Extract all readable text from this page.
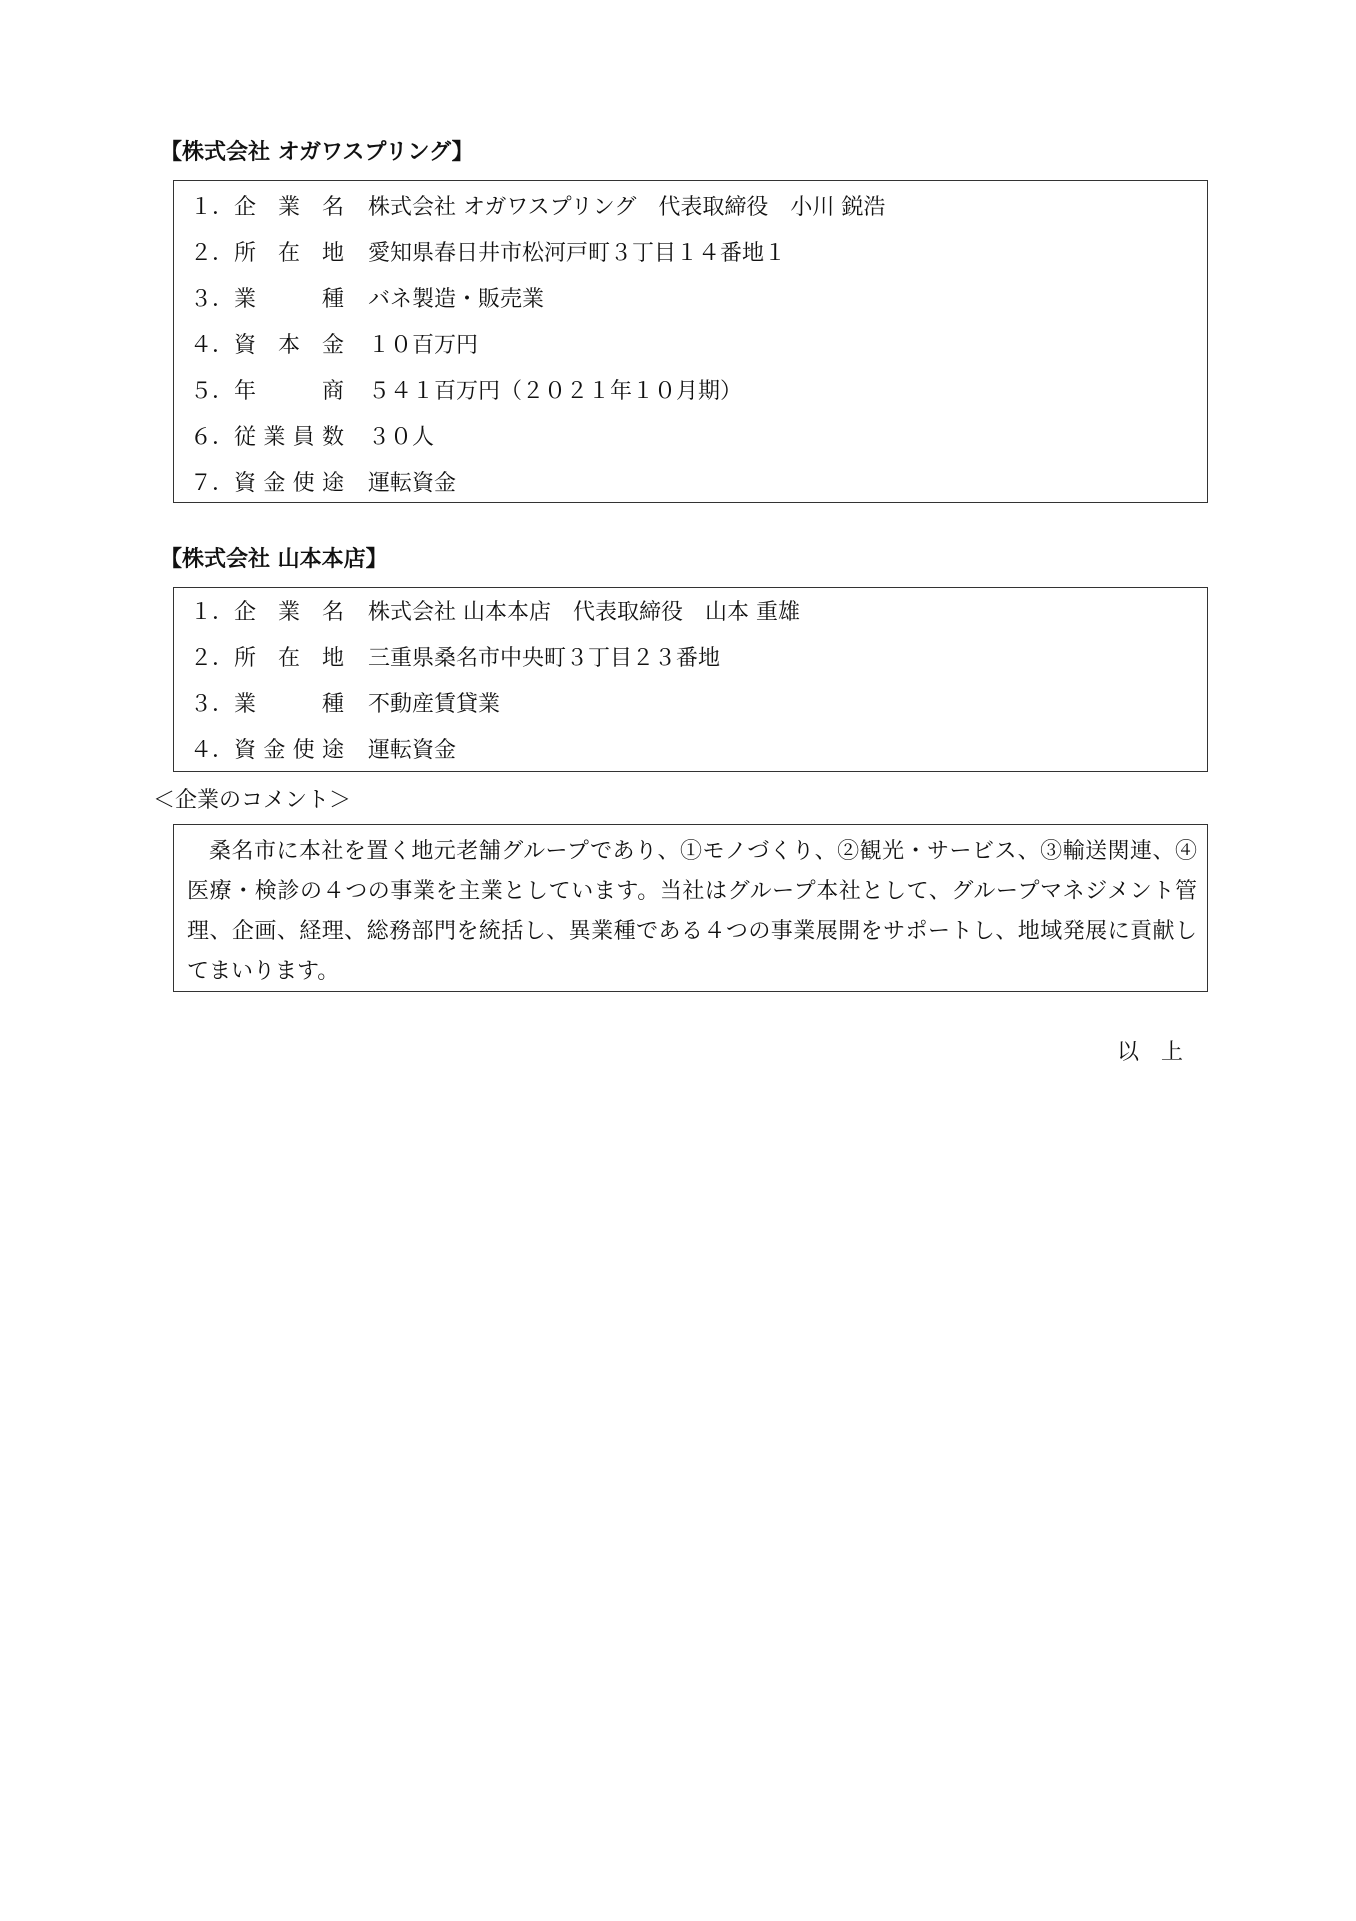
【株式会社 オガワスプリング】
１． 企 業 名 株式会社 オガワスプリング　代表取締役　小川 鋭浩
２． 所 在 地 愛知県春日井市松河戸町３丁目１４番地１
３． 業	種 バネ製造・販売業
４． 資 本 金 １０百万円
５． 年	商 ５４１百万円（２０２１年１０月期）
６． 従 業 員 数 ３０人
７． 資 金 使 途 運転資金
【株式会社 山本本店】
１． 企 業 名 株式会社 山本本店　代表取締役　山本 重雄
２． 所 在 地 三重県桑名市中央町３丁目２３番地
３． 業	種 不動産賃貸業
４． 資 金 使 途 運転資金
＜企業のコメント＞
桑名市に本社を置く地元老舗グループであり、①モノづくり、②観光・サービス、③輸送関連、④医療・検診の４つの事業を主業としています。当社はグループ本社として、グループマネジメント管理、企画、経理、総務部門を統括し、異業種である４つの事業展開をサポートし、地域発展に貢献してまいります。
以　上
